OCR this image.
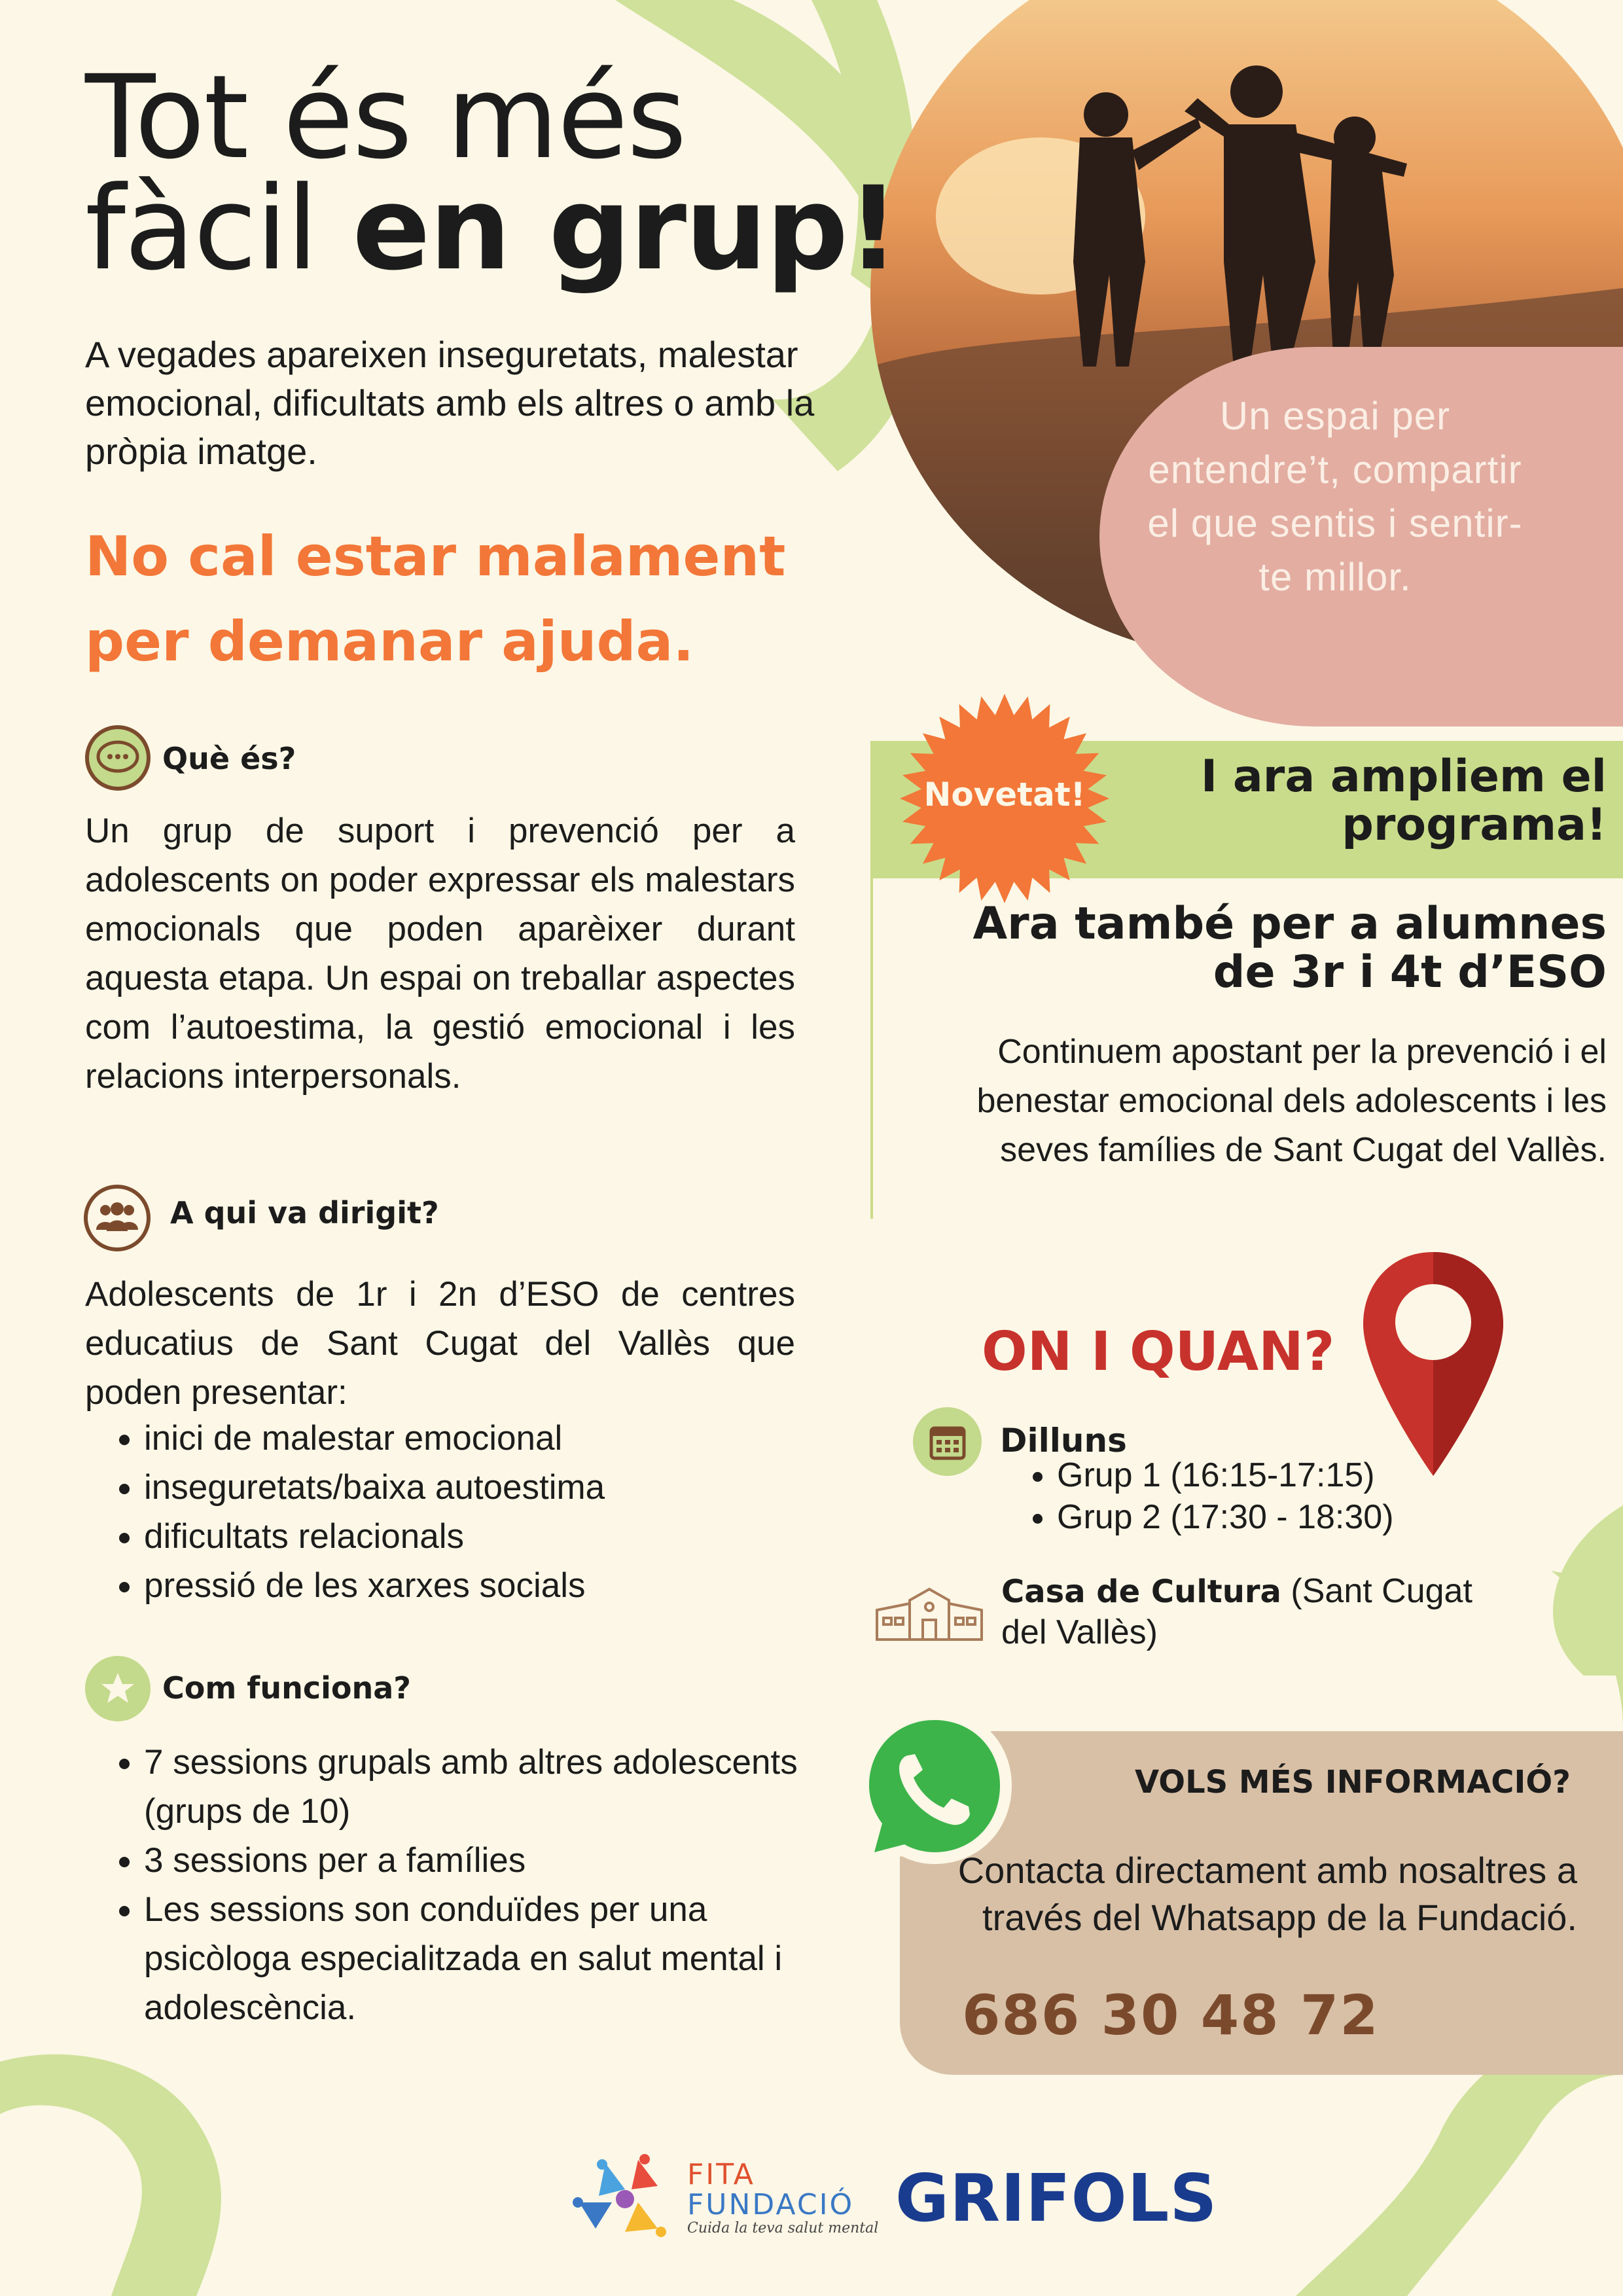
Un espai per entendre’t, compartir el que sentis i sentir-te millor.
Tot és més
fàcil en grup!
A vegades apareixen inseguretats, malestar emocional, dificultats amb els altres o amb la pròpia imatge.
No cal estar malament
per demanar ajuda.
Què és?
Un grup de suport i prevenció per a adolescents on poder expressar els malestars emocionals que poden aparèixer durant aquesta etapa. Un espai on treballar aspectes com l’autoestima, la gestió emocional i les relacions interpersonals.
A qui va dirigit?
Adolescents de 1r i 2n d’ESO de centres educatius de Sant Cugat del Vallès que poden presentar:
• inici de malestar emocional
• inseguretats/baixa autoestima
• dificultats relacionals
• pressió de les xarxes socials
Com funciona?
• 7 sessions grupals amb altres adolescents (grups de 10)
• 3 sessions per a famílies
• Les sessions son conduïdes per una psicòloga especialitzada en salut mental i adolescència.
Novetat!	I ara ampliem el
programa!
Ara també per a alumnes
de 3r i 4t d’ESO
Continuem apostant per la prevenció i el benestar emocional dels adolescents i les seves famílies de Sant Cugat del Vallès.
ON I QUAN?
Dilluns
• Grup 1 (16:15-17:15)
• Grup 2 (17:30 - 18:30)
Casa de Cultura (Sant Cugat del Vallès)
VOLS MÉS INFORMACIÓ?
Contacta directament amb nosaltres a través del Whatsapp de la Fundació.
686 30 48 72
FITA
FUNDACIÓ
Cuida la teva salut mental GRIFOLS
